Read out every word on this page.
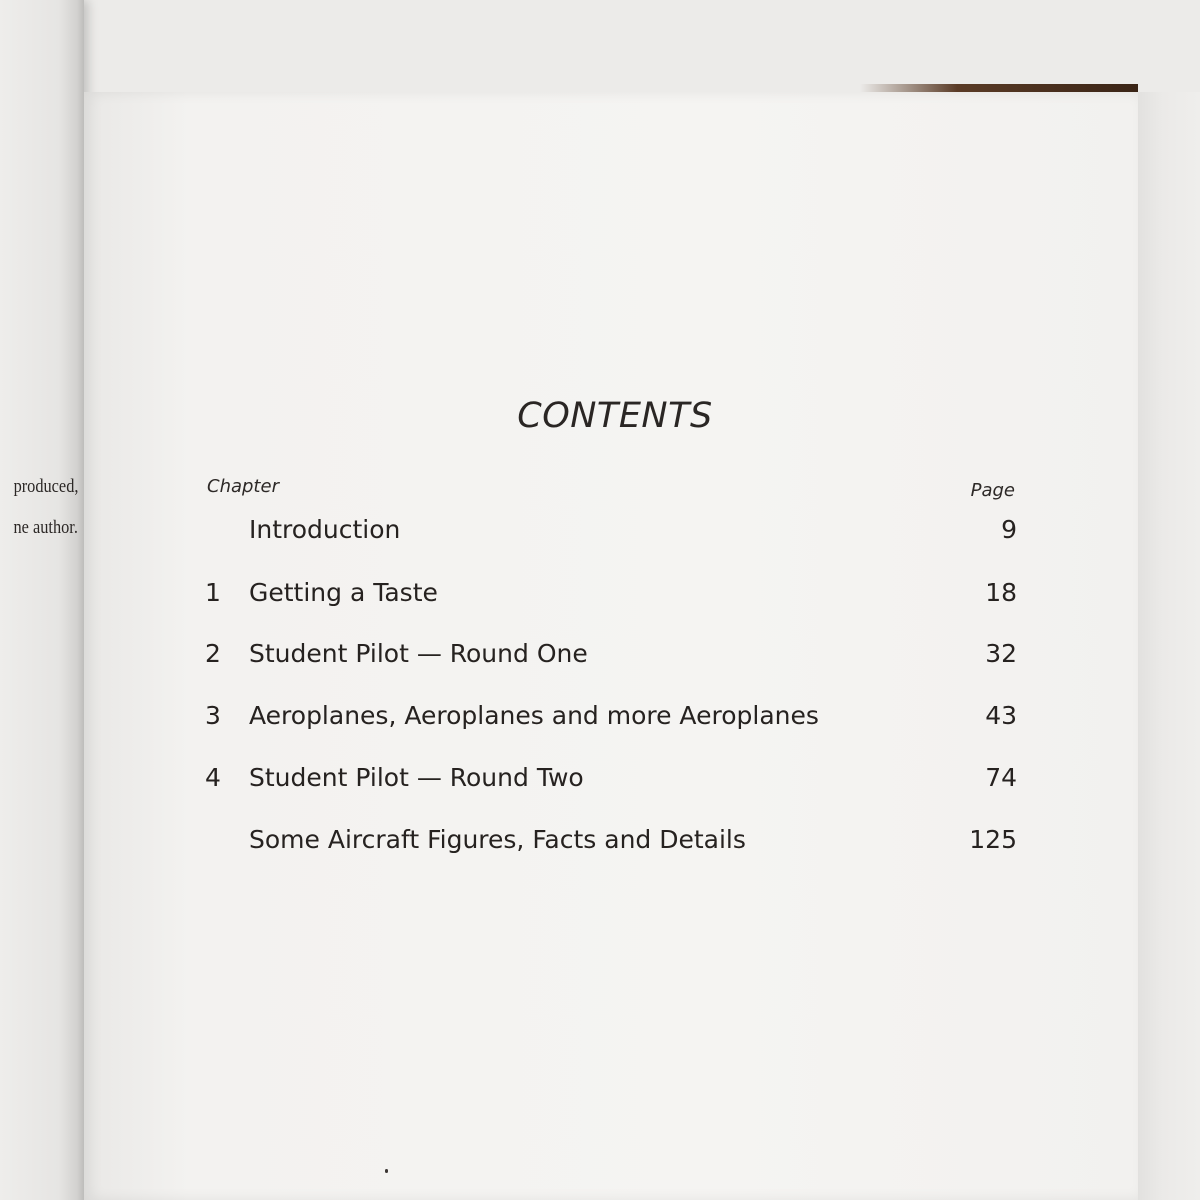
produced,
ne author.
CONTENTS
Chapter	Page
Introduction	9
1	Getting a Taste	18
2	Student Pilot — Round One	32
3	Aeroplanes, Aeroplanes and more Aeroplanes	43
4	Student Pilot — Round Two	74
Some Aircraft Figures, Facts and Details	125
